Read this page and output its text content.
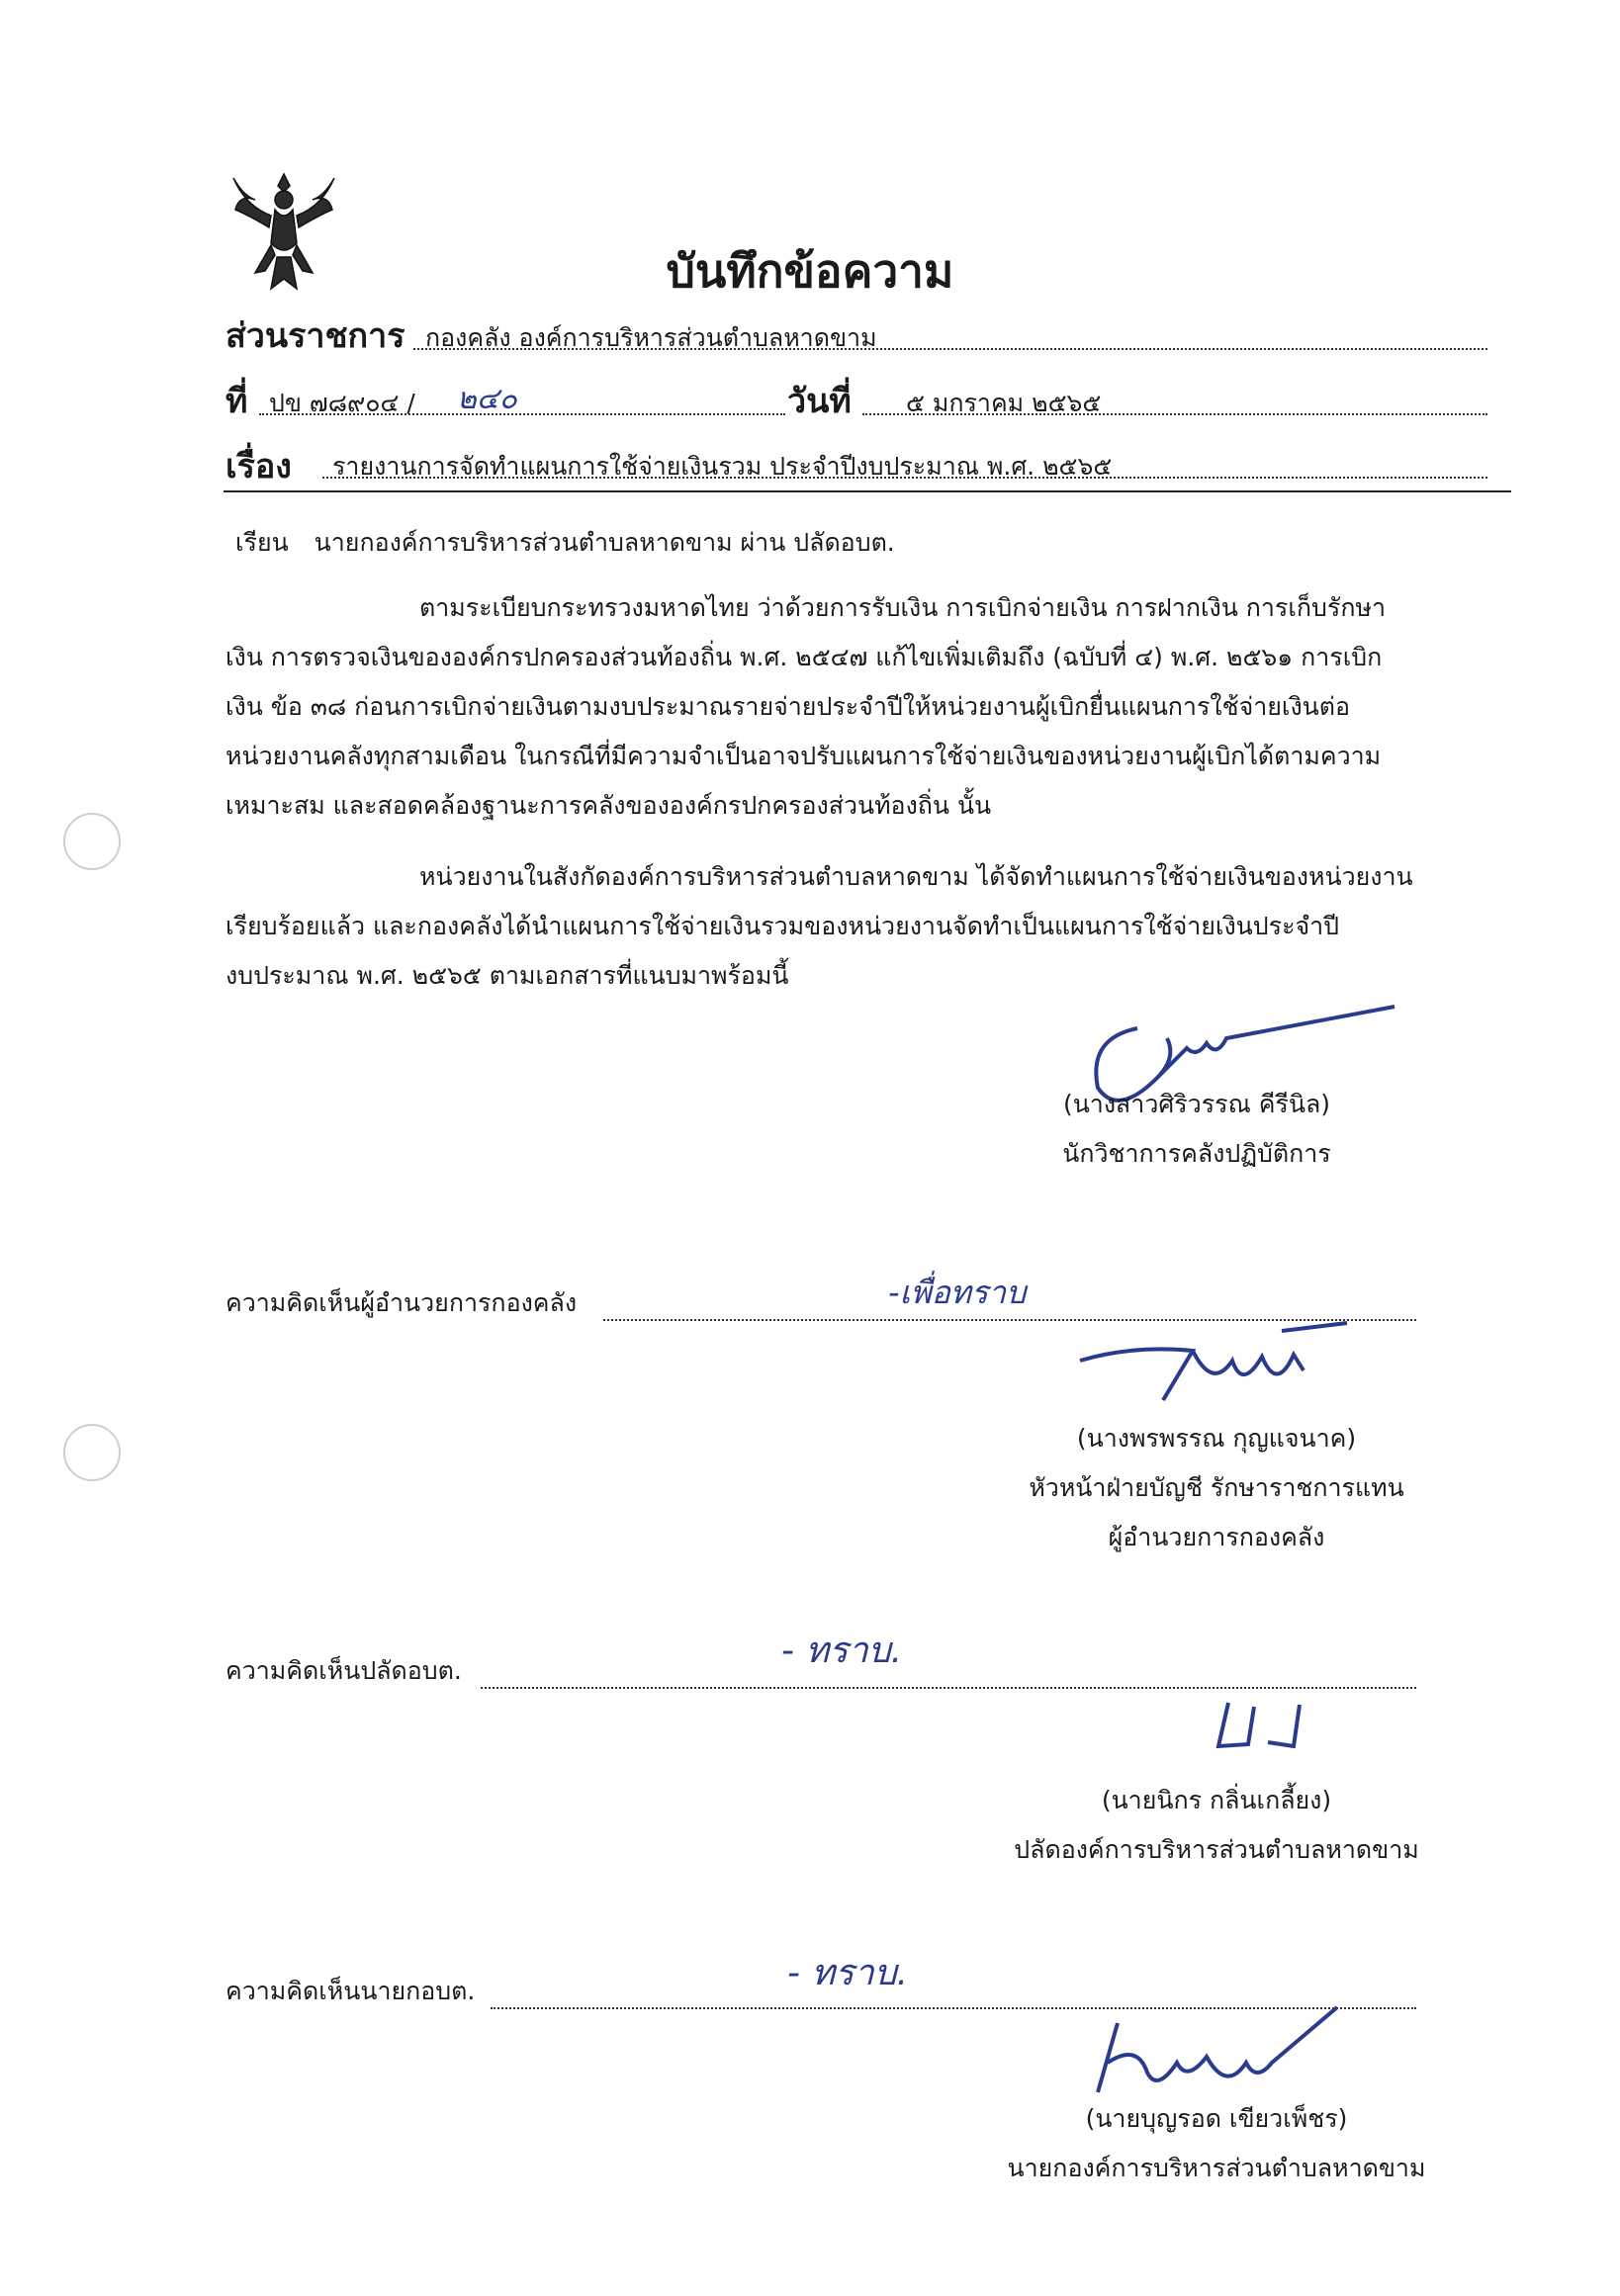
บันทึกข้อความ
ส่วนราชการ กองคลัง องค์การบริหารส่วนตำบลหาดขาม
ที่ ปข ๗๘๙๐๔ / ๒๔๐	วันที่ ๕ มกราคม ๒๕๖๕
เรื่อง รายงานการจัดทำแผนการใช้จ่ายเงินรวม ประจำปีงบประมาณ พ.ศ. ๒๕๖๕
เรียน นายกองค์การบริหารส่วนตำบลหาดขาม ผ่าน ปลัดอบต.
ตามระเบียบกระทรวงมหาดไทย ว่าด้วยการรับเงิน การเบิกจ่ายเงิน การฝากเงิน การเก็บรักษา
เงิน การตรวจเงินขององค์กรปกครองส่วนท้องถิ่น พ.ศ. ๒๕๔๗ แก้ไขเพิ่มเติมถึง (ฉบับที่ ๔) พ.ศ. ๒๕๖๑ การเบิก
เงิน ข้อ ๓๘ ก่อนการเบิกจ่ายเงินตามงบประมาณรายจ่ายประจำปีให้หน่วยงานผู้เบิกยื่นแผนการใช้จ่ายเงินต่อ
หน่วยงานคลังทุกสามเดือน ในกรณีที่มีความจำเป็นอาจปรับแผนการใช้จ่ายเงินของหน่วยงานผู้เบิกได้ตามความ
เหมาะสม และสอดคล้องฐานะการคลังขององค์กรปกครองส่วนท้องถิ่น นั้น
หน่วยงานในสังกัดองค์การบริหารส่วนตำบลหาดขาม ได้จัดทำแผนการใช้จ่ายเงินของหน่วยงาน
เรียบร้อยแล้ว และกองคลังได้นำแผนการใช้จ่ายเงินรวมของหน่วยงานจัดทำเป็นแผนการใช้จ่ายเงินประจำปี
งบประมาณ พ.ศ. ๒๕๖๕ ตามเอกสารที่แนบมาพร้อมนี้
(นางสาวศิริวรรณ คีรีนิล)
นักวิชาการคลังปฏิบัติการ
ความคิดเห็นผู้อำนวยการกองคลัง	-เพื่อทราบ
(นางพรพรรณ กุญแจนาค)
หัวหน้าฝ่ายบัญชี รักษาราชการแทน
ผู้อำนวยการกองคลัง
ความคิดเห็นปลัดอบต.	- ทราบ.
(นายนิกร กลิ่นเกลี้ยง)
ปลัดองค์การบริหารส่วนตำบลหาดขาม
ความคิดเห็นนายกอบต.	- ทราบ.
(นายบุญรอด เขียวเพ็ชร)
นายกองค์การบริหารส่วนตำบลหาดขาม
